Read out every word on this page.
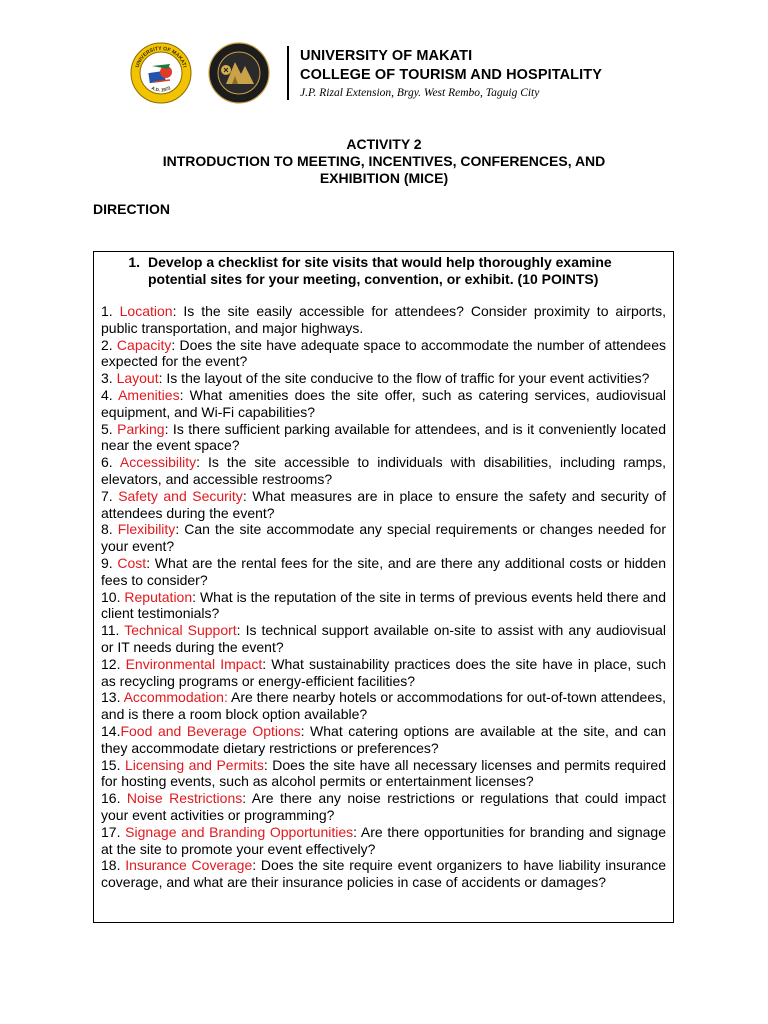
UNIVERSITY OF MAKATI
A.D. 1972
UNIVERSITY OF MAKATI
COLLEGE OF TOURISM AND HOSPITALITY
J.P. Rizal Extension, Brgy. West Rembo, Taguig City
ACTIVITY 2
INTRODUCTION TO MEETING, INCENTIVES, CONFERENCES, AND
EXHIBITION (MICE)
DIRECTION
1. Develop a checklist for site visits that would help thoroughly examine potential sites for your meeting, convention, or exhibit. (10 POINTS)
1. Location: Is the site easily accessible for attendees? Consider proximity to airports, public transportation, and major highways.
2. Capacity: Does the site have adequate space to accommodate the number of attendees expected for the event?
3. Layout: Is the layout of the site conducive to the flow of traffic for your event activities?
4. Amenities: What amenities does the site offer, such as catering services, audiovisual equipment, and Wi-Fi capabilities?
5. Parking: Is there sufficient parking available for attendees, and is it conveniently located near the event space?
6. Accessibility: Is the site accessible to individuals with disabilities, including ramps, elevators, and accessible restrooms?
7. Safety and Security: What measures are in place to ensure the safety and security of attendees during the event?
8. Flexibility: Can the site accommodate any special requirements or changes needed for your event?
9. Cost: What are the rental fees for the site, and are there any additional costs or hidden fees to consider?
10. Reputation: What is the reputation of the site in terms of previous events held there and client testimonials?
11. Technical Support: Is technical support available on-site to assist with any audiovisual or IT needs during the event?
12. Environmental Impact: What sustainability practices does the site have in place, such as recycling programs or energy-efficient facilities?
13. Accommodation: Are there nearby hotels or accommodations for out-of-town attendees, and is there a room block option available?
14.Food and Beverage Options: What catering options are available at the site, and can they accommodate dietary restrictions or preferences?
15. Licensing and Permits: Does the site have all necessary licenses and permits required for hosting events, such as alcohol permits or entertainment licenses?
16. Noise Restrictions: Are there any noise restrictions or regulations that could impact your event activities or programming?
17. Signage and Branding Opportunities: Are there opportunities for branding and signage at the site to promote your event effectively?
18. Insurance Coverage: Does the site require event organizers to have liability insurance coverage, and what are their insurance policies in case of accidents or damages?
